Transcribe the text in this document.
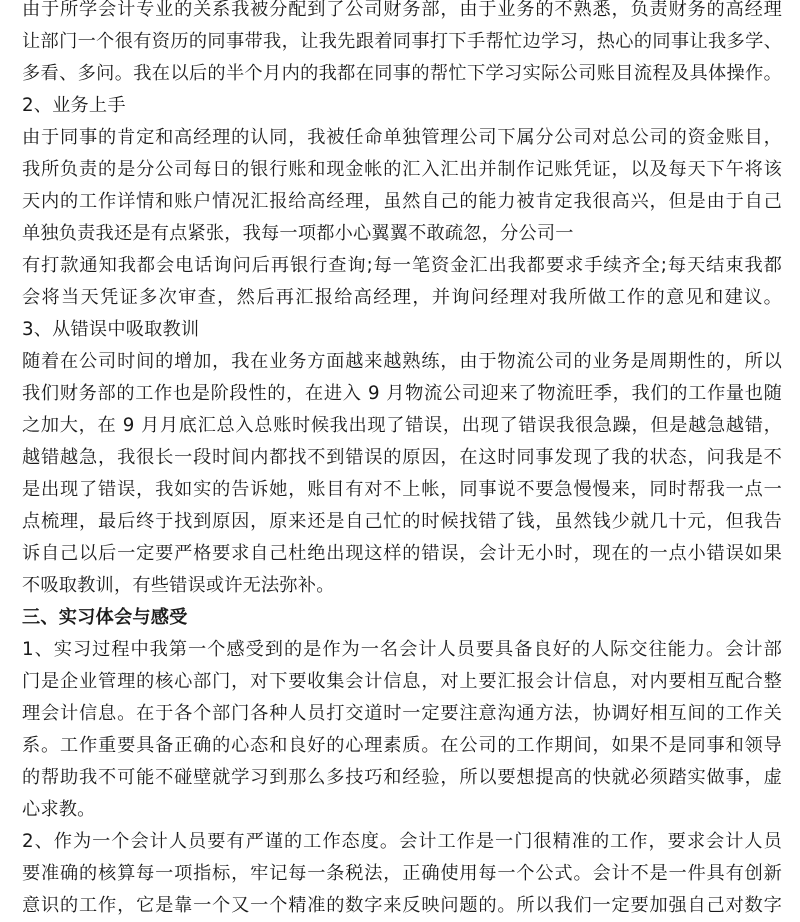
由于所学会计专业的关系我被分配到了公司财务部，由于业务的不熟悉，负责财务的高经理
让部门一个很有资历的同事带我，让我先跟着同事打下手帮忙边学习，热心的同事让我多学、
多看、多问。我在以后的半个月内的我都在同事的帮忙下学习实际公司账目流程及具体操作。
2、业务上手
由于同事的肯定和高经理的认同，我被任命单独管理公司下属分公司对总公司的资金账目，
我所负责的是分公司每日的银行账和现金帐的汇入汇出并制作记账凭证，以及每天下午将该
天内的工作详情和账户情况汇报给高经理，虽然自己的能力被肯定我很高兴，但是由于自己
单独负责我还是有点紧张，我每一项都小心翼翼不敢疏忽，分公司一
有打款通知我都会电话询问后再银行查询;每一笔资金汇出我都要求手续齐全;每天结束我都
会将当天凭证多次审查，然后再汇报给高经理，并询问经理对我所做工作的意见和建议。
3、从错误中吸取教训
随着在公司时间的增加，我在业务方面越来越熟练，由于物流公司的业务是周期性的，所以
我们财务部的工作也是阶段性的，在进入 9 月物流公司迎来了物流旺季，我们的工作量也随
之加大，在 9 月月底汇总入总账时候我出现了错误，出现了错误我很急躁，但是越急越错，
越错越急，我很长一段时间内都找不到错误的原因，在这时同事发现了我的状态，问我是不
是出现了错误，我如实的告诉她，账目有对不上帐，同事说不要急慢慢来，同时帮我一点一
点梳理，最后终于找到原因，原来还是自己忙的时候找错了钱，虽然钱少就几十元，但我告
诉自己以后一定要严格要求自己杜绝出现这样的错误，会计无小时，现在的一点小错误如果
不吸取教训，有些错误或许无法弥补。
三、实习体会与感受
1、实习过程中我第一个感受到的是作为一名会计人员要具备良好的人际交往能力。会计部
门是企业管理的核心部门，对下要收集会计信息，对上要汇报会计信息，对内要相互配合整
理会计信息。在于各个部门各种人员打交道时一定要注意沟通方法，协调好相互间的工作关
系。工作重要具备正确的心态和良好的心理素质。在公司的工作期间，如果不是同事和领导
的帮助我不可能不碰壁就学习到那么多技巧和经验，所以要想提高的快就必须踏实做事，虚
心求教。
2、作为一个会计人员要有严谨的工作态度。会计工作是一门很精准的工作，要求会计人员
要准确的核算每一项指标，牢记每一条税法，正确使用每一个公式。会计不是一件具有创新
意识的工作，它是靠一个又一个精准的数字来反映问题的。所以我们一定要加强自己对数字
